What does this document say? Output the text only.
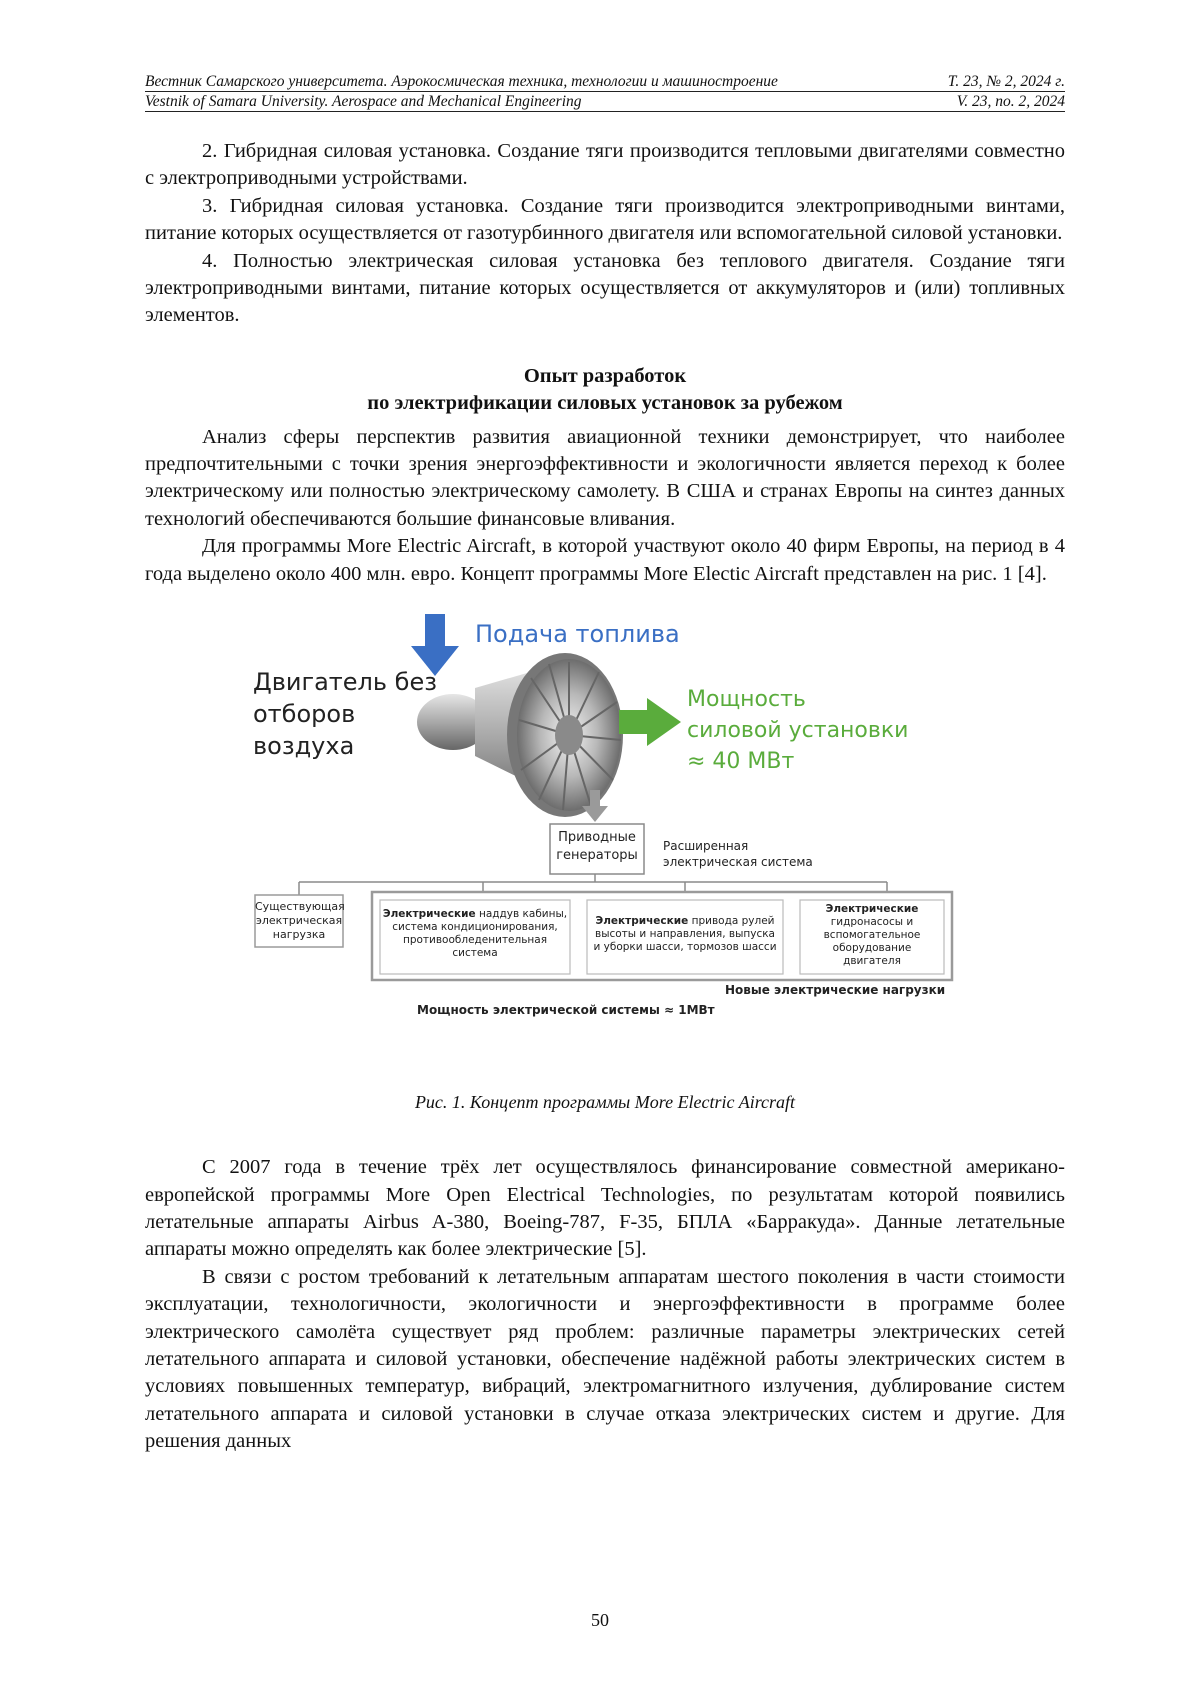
Вестник Самарского университета. Аэрокосмическая техника, технологии и машиностроение	Т. 23, № 2, 2024 г.
Vestnik of Samara University. Aerospace and Mechanical Engineering	V. 23, no. 2, 2024

2. Гибридная силовая установка. Создание тяги производится тепловыми двигателями совместно с электроприводными устройствами.

3. Гибридная силовая установка. Создание тяги производится электроприводными винтами, питание которых осуществляется от газотурбинного двигателя или вспомогательной силовой установки.

4. Полностью электрическая силовая установка без теплового двигателя. Создание тяги электроприводными винтами, питание которых осуществляется от аккумуляторов и (или) топливных элементов.

Опыт разработок
по электрификации силовых установок за рубежом

Анализ сферы перспектив развития авиационной техники демонстрирует, что наиболее предпочтительными с точки зрения энергоэффективности и экологичности является переход к более электрическому или полностью электрическому самолету. В США и странах Европы на синтез данных технологий обеспечиваются большие финансовые вливания.

Для программы More Electric Aircraft, в которой участвуют около 40 фирм Европы, на период в 4 года выделено около 400 млн. евро. Концепт программы More Electic Aircraft представлен на рис. 1 [4].

Подача топлива
Двигатель без
отборов
воздуха
Мощность
силовой установки
≈ 40 МВт
Приводные
генераторы
Расширенная
электрическая система
Существующая
электрическая
нагрузка
Электрические наддув кабины,
система кондиционирования,
противообледенительная
система
Электрические привода рулей
высоты и направления, выпуска
и уборки шасси, тормозов шасси
Электрические
гидронасосы и
вспомогательное
оборудование
двигателя
Новые электрические нагрузки
Мощность электрической системы ≈ 1МВт
Рис. 1. Концепт программы More Electric Aircraft

С 2007 года в течение трёх лет осуществлялось финансирование совместной американо-европейской программы More Open Electrical Technologies, по результатам которой появились летательные аппараты Airbus A-380, Boeing-787, F-35, БПЛА «Барракуда». Данные летательные аппараты можно определять как более электрические [5].

В связи с ростом требований к летательным аппаратам шестого поколения в части стоимости эксплуатации, технологичности, экологичности и энергоэффективности в программе более электрического самолёта существует ряд проблем: различные параметры электрических сетей летательного аппарата и силовой установки, обеспечение надёжной работы электрических систем в условиях повышенных температур, вибраций, электромагнитного излучения, дублирование систем летательного аппарата и силовой установки в случае отказа электрических систем и другие. Для решения данных

50
